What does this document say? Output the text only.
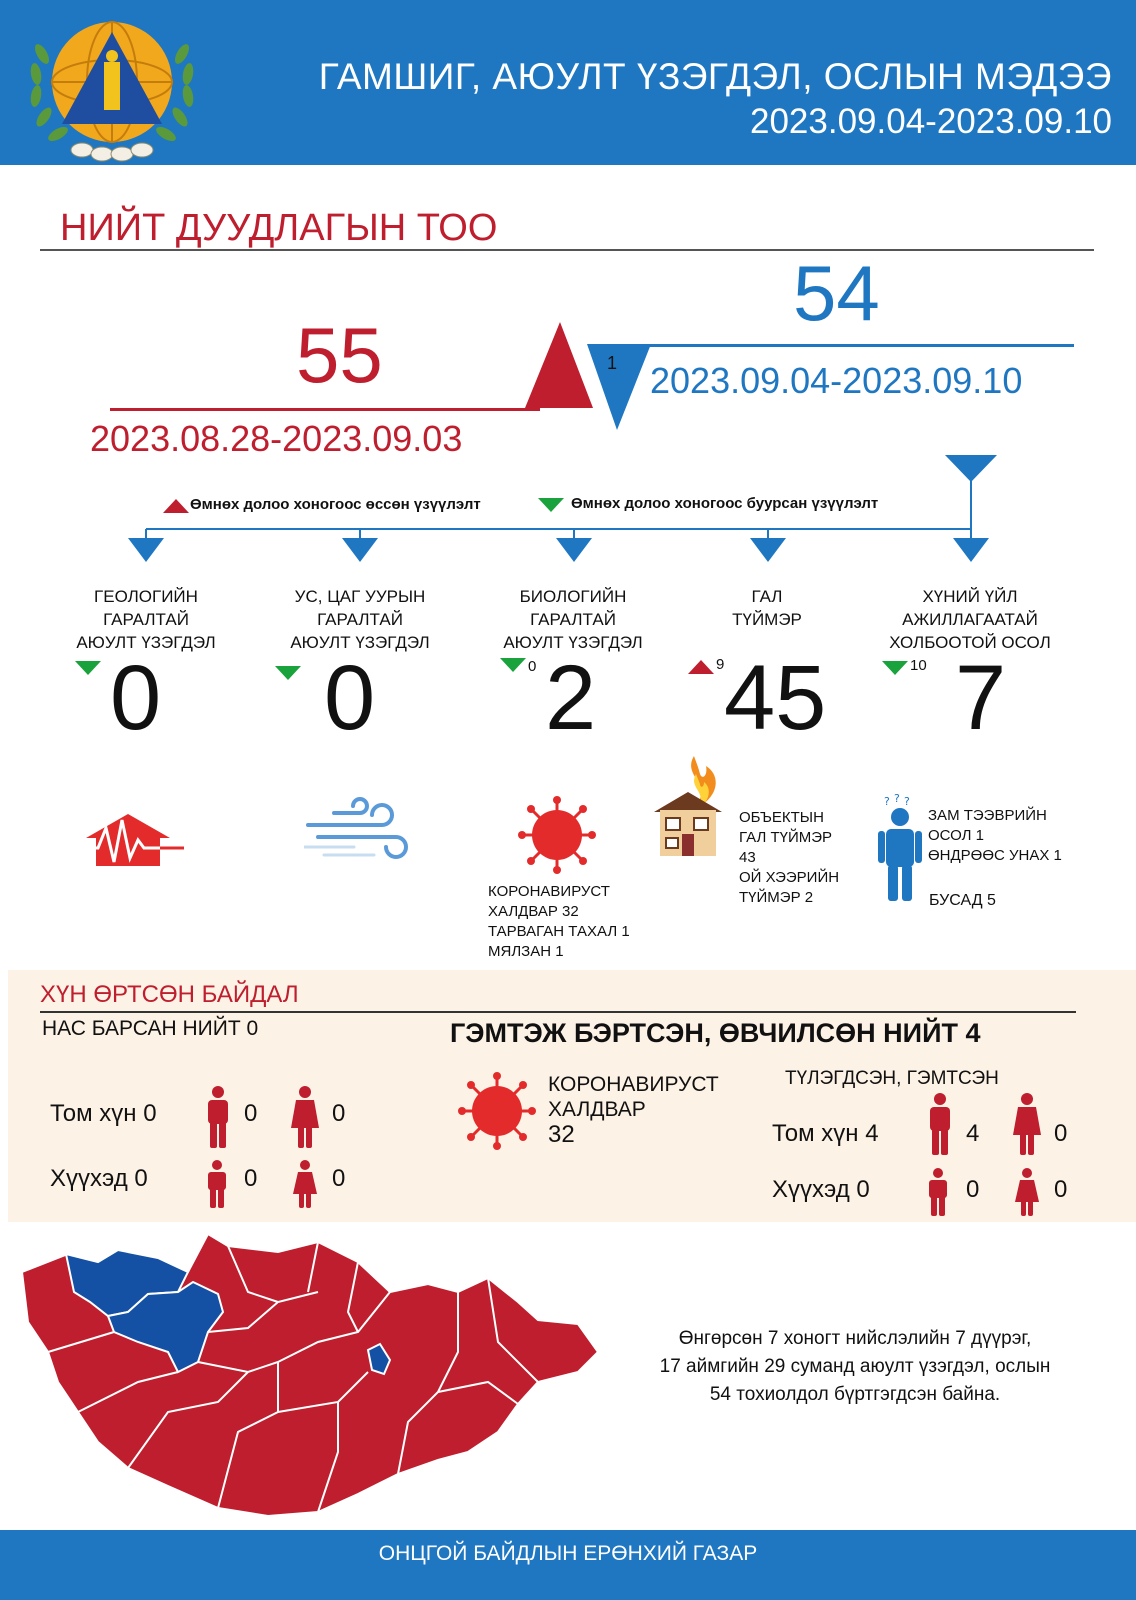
ГАМШИГ, АЮУЛТ ҮЗЭГДЭЛ, ОСЛЫН МЭДЭЭ
2023.09.04-2023.09.10
НИЙТ ДУУДЛАГЫН ТОО
55
2023.08.28-2023.09.03
54
2023.09.04-2023.09.10
1
Өмнөх долоо хоногоос өссөн үзүүлэлт	Өмнөх долоо хоногоос буурсан үзүүлэлт
ГЕОЛОГИЙН
ГАРАЛТАЙ
АЮУЛТ ҮЗЭГДЭЛ
0
УС, ЦАГ УУРЫН
ГАРАЛТАЙ
АЮУЛТ ҮЗЭГДЭЛ
0
БИОЛОГИЙН
ГАРАЛТАЙ
АЮУЛТ ҮЗЭГДЭЛ
0 2
КОРОНАВИРУСТ
ХАЛДВАР 32
ТАРВАГАН ТАХАЛ 1
МЯЛЗАН 1
ГАЛ
ТҮЙМЭР
9 45
ОБЪЕКТЫН
ГАЛ ТҮЙМЭР
43
ОЙ ХЭЭРИЙН
ТҮЙМЭР 2
ХҮНИЙ ҮЙЛ
АЖИЛЛАГААТАЙ
ХОЛБООТОЙ ОСОЛ
10 7
? ? ?
ЗАМ ТЭЭВРИЙН
ОСОЛ 1
ӨНДРӨӨС УНАХ 1
БУСАД 5
ХҮН ӨРТСӨН БАЙДАЛ
НАС БАРСАН НИЙТ 0	ГЭМТЭЖ БЭРТСЭН, ӨВЧИЛСӨН НИЙТ 4
Том хүн 0	0	0
Хүүхэд 0	0	0
КОРОНАВИРУСТ
ХАЛДВАР
32
ТҮЛЭГДСЭН, ГЭМТСЭН
Том хүн 4	4	0
Хүүхэд 0	0	0
Өнгөрсөн 7 хоногт нийслэлийн 7 дүүрэг,
17 аймгийн 29 суманд аюулт үзэгдэл, ослын
54 тохиолдол бүртгэгдсэн байна.
ОНЦГОЙ БАЙДЛЫН ЕРӨНХИЙ ГАЗАР
